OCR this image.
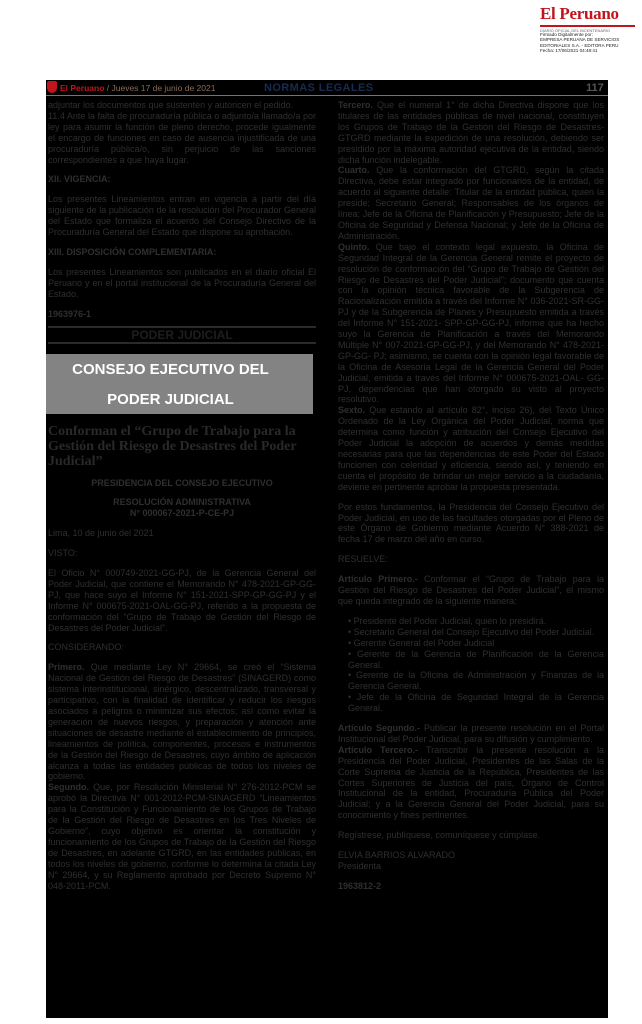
El Peruano
DIARIO OFICIAL DEL BICENTENARIO
Firmado Digitalmente por:
EMPRESA PERUANA DE SERVICIOS
EDITORIALES S.A. - EDITORA PERU
Fecha: 17/06/2021 04:48:41
El Peruano / Jueves 17 de junio de 2021	NORMAS LEGALES	117

adjuntar los documentos que sustenten y autoricen el pedido.

11.4 Ante la falta de procuraduría pública o adjunto/a llamado/a por ley para asumir la función de pleno derecho, procede igualmente el encargo de funciones en caso de ausencia injustificada de una procuraduría pública/o, sin perjuicio de las sanciones correspondientes a que haya lugar.

XII. VIGENCIA:

Los presentes Lineamientos entran en vigencia a partir del día siguiente de la publicación de la resolución del Procurador General del Estado que formaliza el acuerdo del Consejo Directivo de la Procuraduría General del Estado que dispone su aprobación.

XIII. DISPOSICIÓN COMPLEMENTARIA:

Los presentes Lineamientos son publicados en el diario oficial El Peruano y en el portal institucional de la Procuraduría General del Estado.

1963976-1

PODER JUDICIAL
CONSEJO EJECUTIVO DEL
PODER JUDICIAL

Conforman el “Grupo de Trabajo para la Gestión del Riesgo de Desastres del Poder Judicial”

PRESIDENCIA DEL CONSEJO EJECUTIVO

RESOLUCIÓN ADMINISTRATIVA

N° 000067-2021-P-CE-PJ

Lima, 10 de junio del 2021

VISTO:

El Oficio N° 000749-2021-GG-PJ, de la Gerencia General del Poder Judicial, que contiene el Memorando N° 478-2021-GP-GG-PJ, que hace suyo el Informe N° 151-2021-SPP-GP-GG-PJ y el Informe N° 000675-2021-OAL-GG-PJ, referido a la propuesta de conformación del “Grupo de Trabajo de Gestión del Riesgo de Desastres del Poder Judicial”.

CONSIDERANDO:

Primero. Que mediante Ley N° 29664, se creó el “Sistema Nacional de Gestión del Riesgo de Desastres” (SINAGERD) como sistema interinstitucional, sinérgico, descentralizado, transversal y participativo, con la finalidad de identificar y reducir los riesgos asociados a peligros o minimizar sus efectos; así como evitar la generación de nuevos riesgos, y preparación y atención ante situaciones de desastre mediante el establecimiento de principios, lineamientos de política, componentes, procesos e instrumentos de la Gestión del Riesgo de Desastres, cuyo ámbito de aplicación alcanza a todas las entidades públicas de todos los niveles de gobierno.

Segundo. Que, por Resolución Ministerial N° 276-2012-PCM se aprobó la Directiva N° 001-2012-PCM-SINAGERD “Lineamientos para la Constitución y Funcionamiento de los Grupos de Trabajo de la Gestión del Riesgo de Desastres en los Tres Niveles de Gobierno”, cuyo objetivo es orientar la constitución y funcionamiento de los Grupos de Trabajo de la Gestión del Riesgo de Desastres, en adelante GTGRD, en las entidades públicas, en todos los niveles de gobierno, conforme lo determina la citada Ley N° 29664, y su Reglamento aprobado por Decreto Supremo N° 048-2011-PCM.

Tercero. Que el numeral 1° de dicha Directiva dispone que los titulares de las entidades públicas de nivel nacional, constituyen los Grupos de Trabajo de la Gestión del Riesgo de Desastres-GTGRD mediante la expedición de una resolución, debiendo ser presidido por la máxima autoridad ejecutiva de la entidad, siendo dicha función indelegable.

Cuarto. Que la conformación del GTGRD, según la citada Directiva, debe estar integrado por funcionarios de la entidad, de acuerdo al siguiente detalle: Titular de la entidad pública, quien la preside; Secretario General; Responsables de los órganos de línea; Jefe de la Oficina de Planificación y Presupuesto; Jefe de la Oficina de Seguridad y Defensa Nacional; y Jefe de la Oficina de Administración.

Quinto. Que bajo el contexto legal expuesto, la Oficina de Seguridad Integral de la Gerencia General remite el proyecto de resolución de conformación del “Grupo de Trabajo de Gestión del Riesgo de Desastres del Poder Judicial”; documento que cuenta con la opinión técnica favorable de la Subgerencia de Racionalización emitida a través del Informe N° 036-2021-SR-GG-PJ y de la Subgerencia de Planes y Presupuesto emitida a través del Informe N° 151-2021- SPP-GP-GG-PJ, informe que ha hecho suyo la Gerencia de Planificación a través del Memorando Múltiple N° 007-2021-GP-GG-PJ, y del Memorando N° 478-2021-GP-GG- PJ; asimismo, se cuenta con la opinión legal favorable de la Oficina de Asesoría Legal de la Gerencia General del Poder Judicial, emitida a través del Informe N° 000675-2021-OAL- GG-PJ, dependencias que han otorgado su visto al proyecto resolutivo.

Sexto. Que estando al artículo 82°, inciso 26), del Texto Único Ordenado de la Ley Orgánica del Poder Judicial, norma que determina como función y atribución del Consejo Ejecutivo del Poder Judicial la adopción de acuerdos y demás medidas necesarias para que las dependencias de este Poder del Estado funcionen con celeridad y eficiencia, siendo así, y teniendo en cuenta el propósito de brindar un mejor servicio a la ciudadanía, deviene en pertinente aprobar la propuesta presentada.

Por estos fundamentos, la Presidencia del Consejo Ejecutivo del Poder Judicial, en uso de las facultades otorgadas por el Pleno de este Órgano de Gobierno mediante Acuerdo N° 388-2021 de fecha 17 de marzo del año en curso.

RESUELVE:

Artículo Primero.- Conformar el “Grupo de Trabajo para la Gestión del Riesgo de Desastres del Poder Judicial”, el mismo que queda integrado de la siguiente manera:

• Presidente del Poder Judicial, quien lo presidirá.

• Secretario General del Consejo Ejecutivo del Poder Judicial.

• Gerente General del Poder Judicial

• Gerente de la Gerencia de Planificación de la Gerencia General.

• Gerente de la Oficina de Administración y Finanzas de la Gerencia General.

• Jefe de la Oficina de Seguridad Integral de la Gerencia General.

Artículo Segundo.- Publicar la presente resolución en el Portal Institucional del Poder Judicial, para su difusión y cumplimiento.

Artículo Tercero.- Transcribir la presente resolución a la Presidencia del Poder Judicial, Presidentes de las Salas de la Corte Suprema de Justicia de la República, Presidentes de las Cortes Superiores de Justicia del país, Órgano de Control Institucional de la entidad, Procuraduría Pública del Poder Judicial; y a la Gerencia General del Poder Judicial, para su conocimiento y fines pertinentes.

Regístrese, publíquese, comuníquese y cúmplase.

ELVIA BARRIOS ALVARADO

Presidenta

1963812-2
